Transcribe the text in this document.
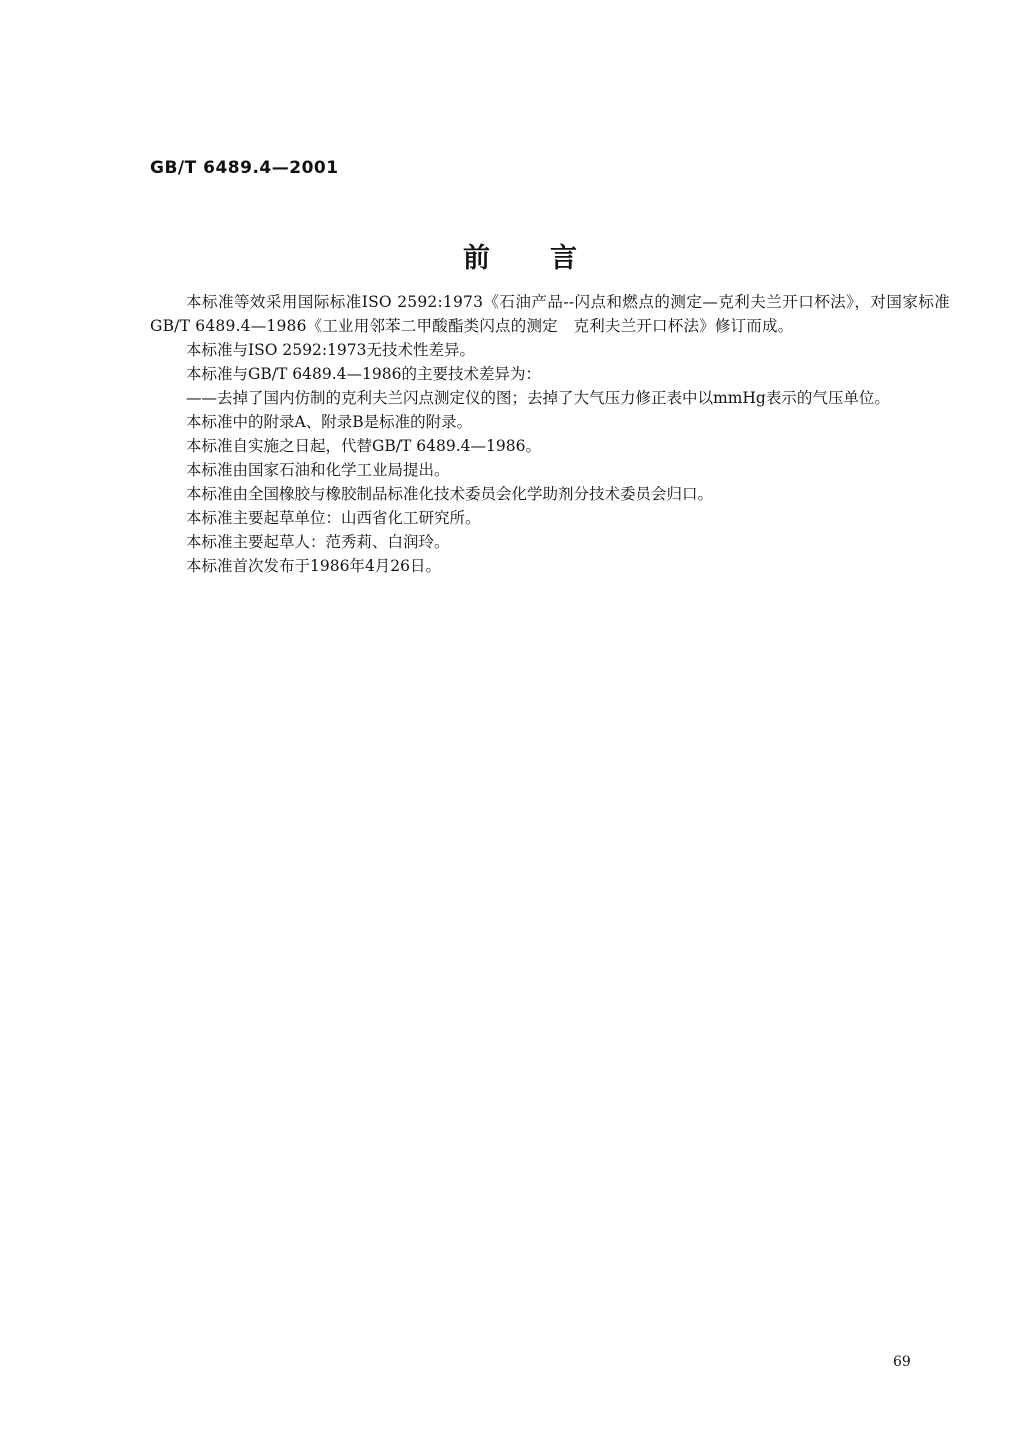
GB/T 6489.4—2001
前言

本标准等效采用国际标准ISO 2592:1973《石油产品--闪点和燃点的测定—克利夫兰开口杯法》，对国家标准GB/T 6489.4—1986《工业用邻苯二甲酸酯类闪点的测定　克利夫兰开口杯法》修订而成。

本标准与ISO 2592:1973无技术性差异。

本标准与GB/T 6489.4—1986的主要技术差异为：

——去掉了国内仿制的克利夫兰闪点测定仪的图；去掉了大气压力修正表中以mmHg表示的气压单位。

本标准中的附录A、附录B是标准的附录。

本标准自实施之日起，代替GB/T 6489.4—1986。

本标准由国家石油和化学工业局提出。

本标准由全国橡胶与橡胶制品标准化技术委员会化学助剂分技术委员会归口。

本标准主要起草单位：山西省化工研究所。

本标准主要起草人：范秀莉、白润玲。

本标准首次发布于1986年4月26日。

69
